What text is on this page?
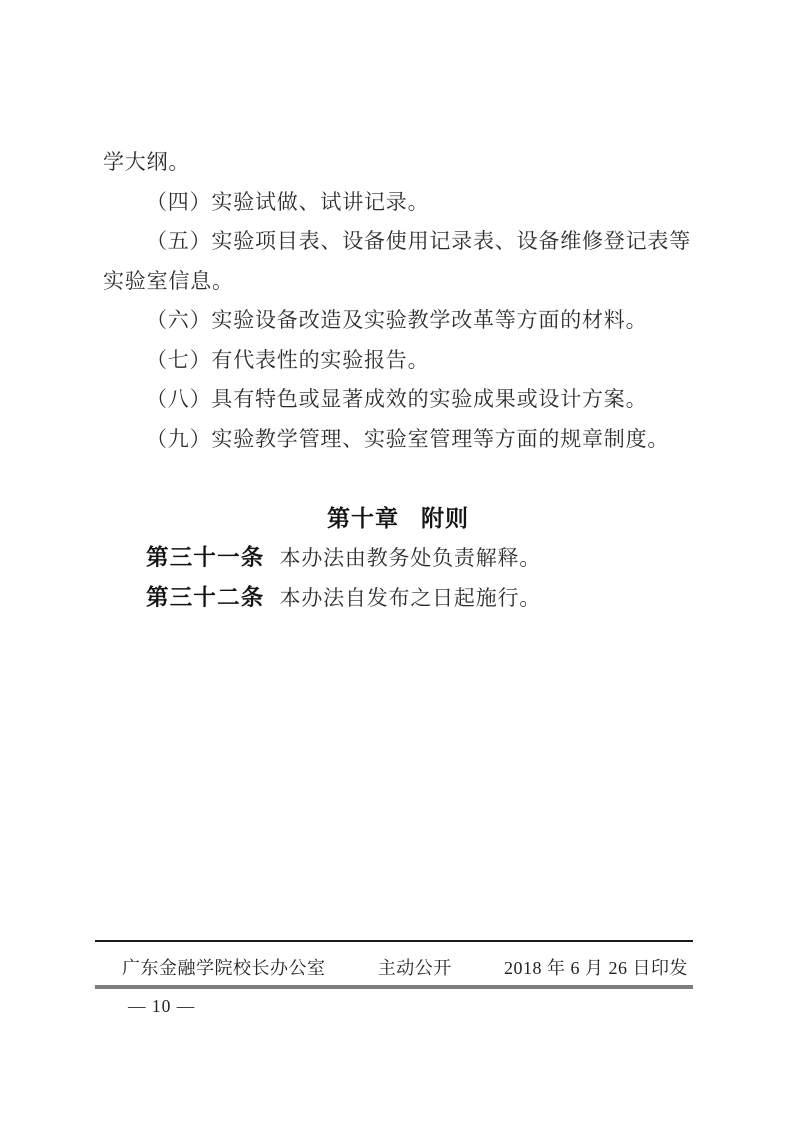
学大纲。

（四）实验试做、试讲记录。

（五）实验项目表、设备使用记录表、设备维修登记表等

实验室信息。

（六）实验设备改造及实验教学改革等方面的材料。

（七）有代表性的实验报告。

（八）具有特色或显著成效的实验成果或设计方案。

（九）实验教学管理、实验室管理等方面的规章制度。

第十章 附则

第三十一条 本办法由教务处负责解释。

第三十二条 本办法自发布之日起施行。

广东金融学院校长办公室	主动公开	2018 年 6 月 26 日印发
— 10 —
